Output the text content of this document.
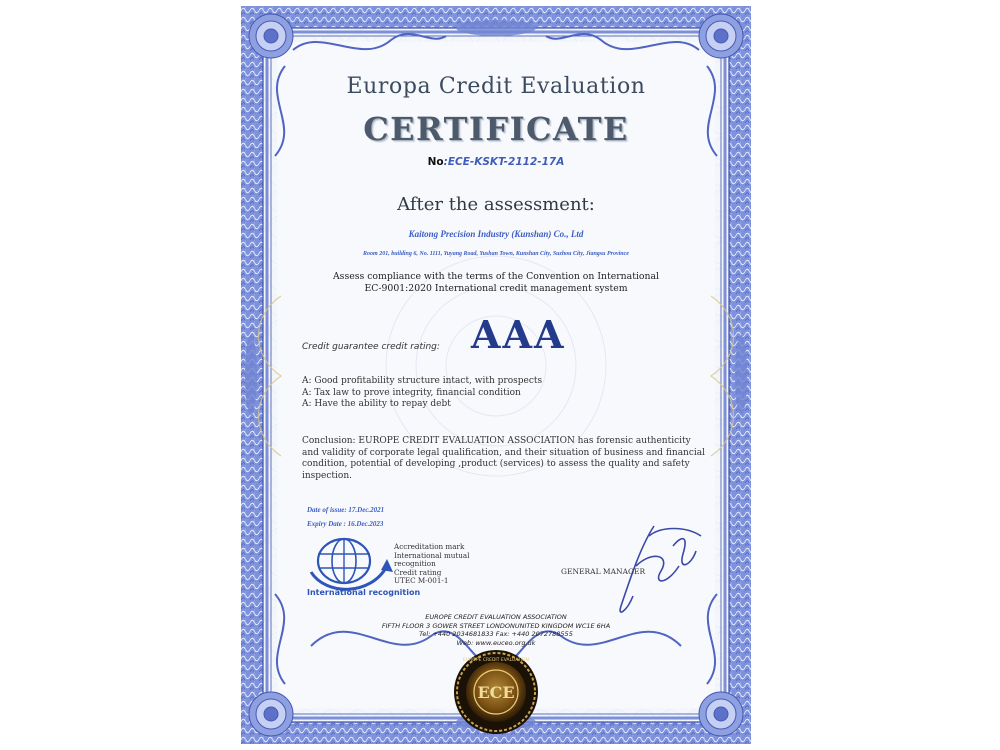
ECE
EUROPE CREDIT EVALUATION
Europa Credit Evaluation
CERTIFICATE
No:ECE-KSKT-2112-17A
After the assessment:
Kaitong Precision Industry (Kunshan) Co., Ltd
Room 201, building 6, No. 1111, Yuyang Road, Yushan Town, Kunshan City, Suzhou City, Jiangsu Province
Assess compliance with the terms of the Convention on International
EC-9001:2020 International credit management system
Credit guarantee credit rating: AAA
A: Good profitability structure intact, with prospects
A: Tax law to prove integrity, financial condition
A: Have the ability to repay debt
Conclusion: EUROPE CREDIT EVALUATION ASSOCIATION has forensic authenticity
and validity of corporate legal qualification, and their situation of business and financial
condition, potential of developing ,product (services) to assess the quality and safety
inspection.
Date of issue: 17.Dec.2021
Expiry Date : 16.Dec.2023
Accreditation mark
International mutual
recognition
Credit rating
UTEC M-001-1
International recognition
GENERAL MANAGER
EUROPE CREDIT EVALUATION ASSOCIATION
FIFTH FLOOR 3 GOWER STREET LONDONUNITED KINGDOM WC1E 6HA
Tel: +440 2034681833 Fax: +440 2072788555
Web: www.euceo.org.uk
